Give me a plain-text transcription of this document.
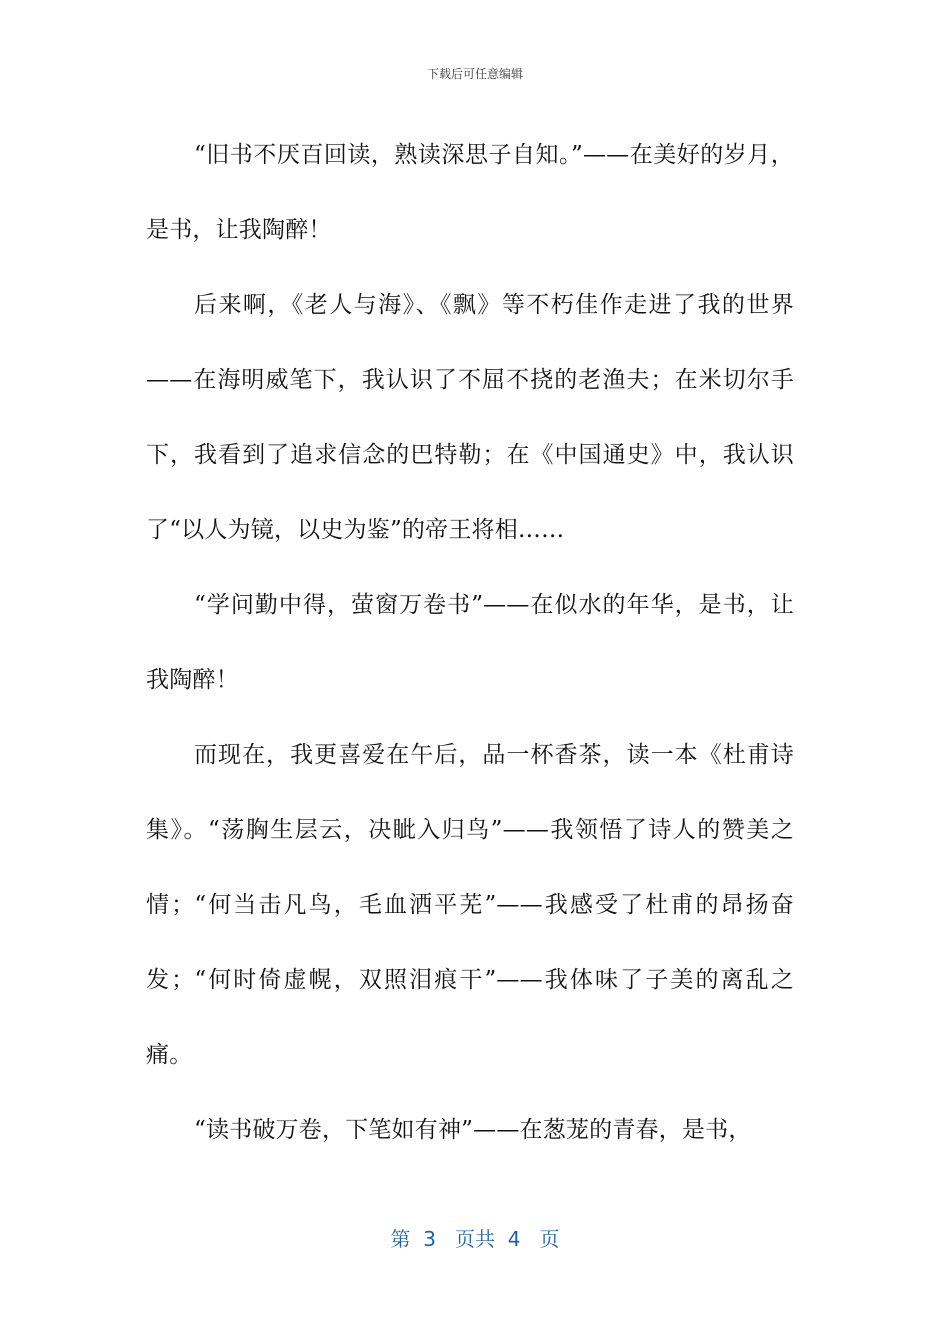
下载后可任意编辑

“旧书不厌百回读，熟读深思子自知。”——在美好的岁月，是书，让我陶醉！

后来啊，《老人与海》、《飘》等不朽佳作走进了我的世界——在海明威笔下，我认识了不屈不挠的老渔夫；在米切尔手下，我看到了追求信念的巴特勒；在《中国通史》中，我认识了“以人为镜，以史为鉴”的帝王将相……

“学问勤中得，萤窗万卷书”——在似水的年华，是书，让我陶醉！

而现在，我更喜爱在午后，品一杯香茶，读一本《杜甫诗集》。“荡胸生层云，决眦入归鸟”——我领悟了诗人的赞美之情；“何当击凡鸟，毛血洒平芜”——我感受了杜甫的昂扬奋发；“何时倚虚幌，双照泪痕干”——我体味了子美的离乱之痛。

“读书破万卷，下笔如有神”——在葱茏的青春，是书，

第  3   页共  4   页
